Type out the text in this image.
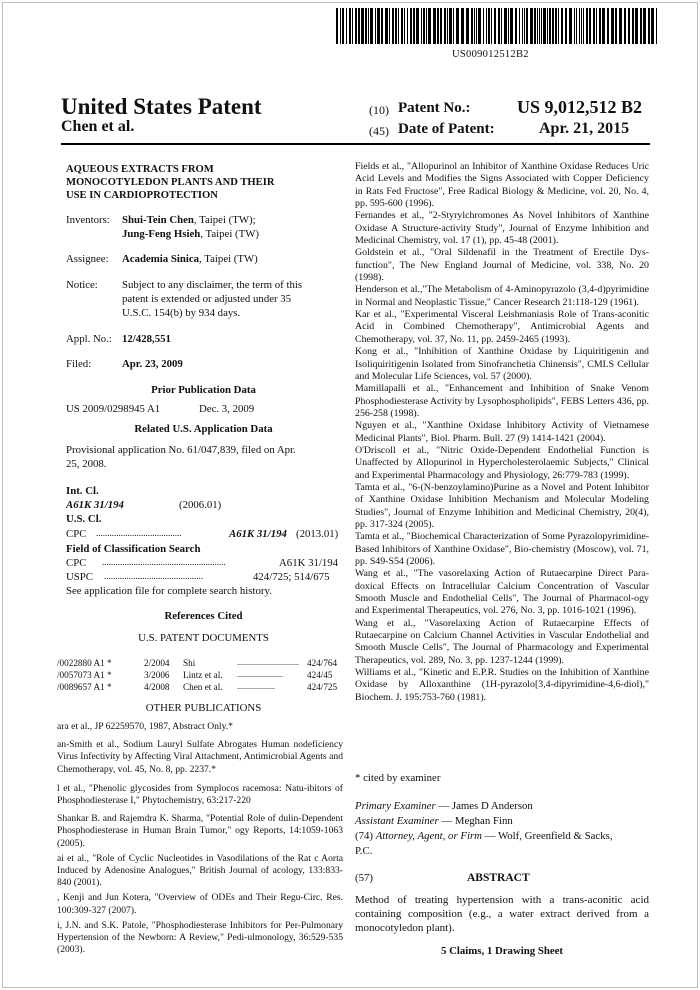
US009012512B2
United States Patent
Chen et al.
(10) Patent No.:	US 9,012,512 B2
(45) Date of Patent:	Apr. 21, 2015
AQUEOUS EXTRACTS FROM
MONOCOTYLEDON PLANTS AND THEIR
USE IN CARDIOPROTECTION
Inventors: Shui-Tein Chen, Taipei (TW);
Jung-Feng Hsieh, Taipei (TW)
Assignee: Academia Sinica, Taipei (TW)
Notice: Subject to any disclaimer, the term of this
patent is extended or adjusted under 35
U.S.C. 154(b) by 934 days.
Appl. No.: 12/428,551
Filed:	Apr. 23, 2009
Prior Publication Data
US 2009/0298945 A1	Dec. 3, 2009
Related U.S. Application Data
Provisional application No. 61/047,839, filed on Apr.
25, 2008.
Int. Cl.
A61K 31/194	(2006.01)
U.S. Cl.
CPC ......................................	A61K 31/194 (2013.01)
Field of Classification Search
CPC .......................................................	A61K 31/194
USPC ............................................	424/725; 514/675
See application file for complete search history.
References Cited
U.S. PATENT DOCUMENTS
/0022880 A1 *	2/2004 Shi	............................... 424/764
/0057073 A1 *	3/2006 Lintz et al. .......................	424/45
/0089657 A1 *	4/2008 Chen et al. ...................	424/725
OTHER PUBLICATIONS

ara et al., JP 62259570, 1987, Abstract Only.*

an-Smith et al., Sodium Lauryl Sulfate Abrogates Human nodeficiency Virus Infectivity by Affecting Viral Attachment, Antimicrobial Agents and Chemotherapy, vol. 45, No. 8, pp. 2237.*

l et al., "Phenolic glycosides from Symplocos racemosa: Natu-ibitors of Phosphodiesterase I," Phytochemistry, 63:217-220

Shankar B. and Rajemdra K. Sharma, "Potential Role of dulin-Dependent Phosphodiesterase in Human Brain Tumor," ogy Reports, 14:1059-1063 (2005).

ai et al., "Role of Cyclic Nucleotides in Vasodilations of the Rat c Aorta Induced by Adenosine Analogues," British Journal of acology, 133:833-840 (2001).

, Kenji and Jun Kotera, "Overview of ODEs and Their Regu-Circ. Res. 100:309-327 (2007).

i, J.N. and S.K. Patole, "Phosphodiesterase Inhibitors for Per-Pulmonary Hypertension of the Newborn: A Review," Pedi-ulmonology, 36:529-535 (2003).

Fields et al., "Allopurinol an Inhibitor of Xanthine Oxidase Reduces Uric Acid Levels and Modifies the Signs Associated with Copper Deficiency in Rats Fed Fructose", Free Radical Biology & Medicine, vol. 20, No. 4, pp. 595-600 (1996).

Fernandes et al., "2-Styrylchromones As Novel Inhibitors of Xanthine Oxidase A Structure-activity Study", Journal of Enzyme Inhibition and Medicinal Chemistry, vol. 17 (1), pp. 45-48 (2001).

Goldstein et al., "Oral Sildenafil in the Treatment of Erectile Dys-function", The New England Journal of Medicine, vol. 338, No. 20 (1998).

Henderson et al.,"The Metabolism of 4-Aminopyrazolo (3,4-d)pyrimidine in Normal and Neoplastic Tissue," Cancer Research 21:118-129 (1961).

Kar et al., "Experimental Visceral Leishmaniasis Role of Trans-aconitic Acid in Combined Chemotherapy", Antimicrobial Agents and Chemotherapy, vol. 37, No. 11, pp. 2459-2465 (1993).

Kong et al., "Inhibition of Xanthine Oxidase by Liquiritigenin and Isoliquiritigenin Isolated from Sinofranchetia Chinensis", CMLS Cellular and Molecular Life Sciences, vol. 57 (2000).

Mamillapalli et al., "Enhancement and Inhibition of Snake Venom Phosphodiesterase Activity by Lysophospholipids", FEBS Letters 436, pp. 256-258 (1998).

Nguyen et al., "Xanthine Oxidase Inhibitory Activity of Vietnamese Medicinal Plants", Biol. Pharm. Bull. 27 (9) 1414-1421 (2004).

O'Driscoll et al., "Nitric Oxide-Dependent Endothelial Function is Unaffected by Allopurinol in Hypercholesterolaemic Subjects," Clinical and Experimental Pharmacology and Physiology, 26:779-783 (1999).

Tamta et al., "6-(N-benzoylamino)Purine as a Novel and Potent Inhibitor of Xanthine Oxidase Inhibition Mechanism and Molecular Modeling Studies", Journal of Enzyme Inhibition and Medicinal Chemistry, 20(4), pp. 317-324 (2005).

Tamta et al., "Biochemical Characterization of Some Pyrazolopyrimidine-Based Inhibitors of Xanthine Oxidase", Bio-chemistry (Moscow), vol. 71, pp. S49-S54 (2006).

Wang et al., "The vasorelaxing Action of Rutaecarpine Direct Para-doxical Effects on Intracellular Calcium Concentration of Vascular Smooth Muscle and Endothelial Cells", The Journal of Pharmacol-ogy and Experimental Therapeutics, vol. 276, No. 3, pp. 1016-1021 (1996).

Wang et al., "Vasorelaxing Action of Rutaecarpine Effects of Rutaecarpine on Calcium Channel Activities in Vascular Endothelial and Smooth Muscle Cells", The Journal of Pharmacology and Experimental Therapeutics, vol. 289, No. 3, pp. 1237-1244 (1999).

Williams et al., "Kinetic and E.P.R. Studies on the Inhibition of Xanthine Oxidase by Alloxanthine (1H-pyrazolo[3,4-dipyrimidine-4,6-diol)," Biochem. J. 195:753-760 (1981).

* cited by examiner
Primary Examiner — James D Anderson
Assistant Examiner — Meghan Finn
(74) Attorney, Agent, or Firm — Wolf, Greenfield & Sacks,
P.C.
(57)	ABSTRACT

Method of treating hypertension with a trans-aconitic acid containing composition (e.g., a water extract derived from a monocotyledon plant).

5 Claims, 1 Drawing Sheet
